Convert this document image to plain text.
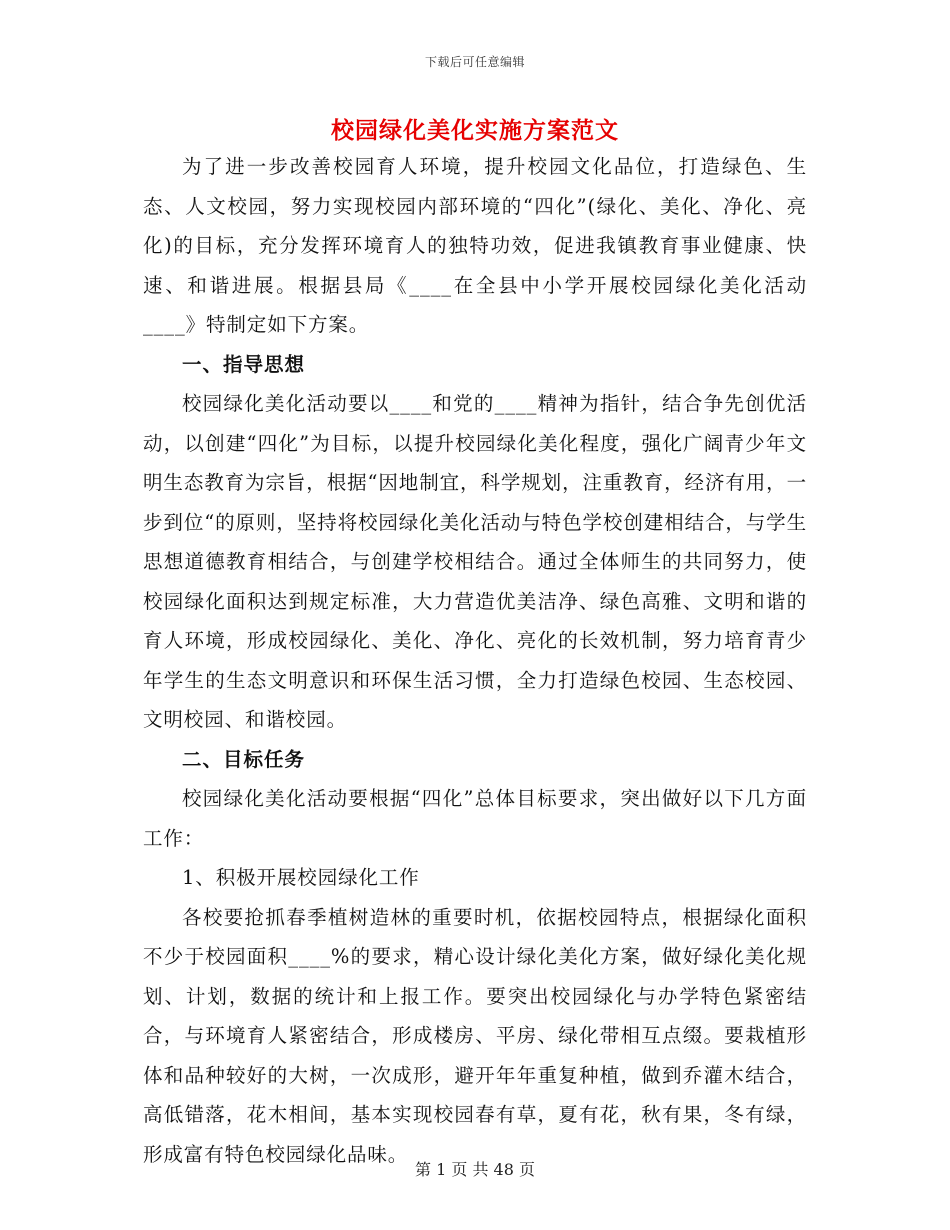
下载后可任意编辑
校园绿化美化实施方案范文

为了进一步改善校园育人环境，提升校园文化品位，打造绿色、生态、人文校园，努力实现校园内部环境的“四化”(绿化、美化、净化、亮化)的目标，充分发挥环境育人的独特功效，促进我镇教育事业健康、快速、和谐进展。根据县局《____在全县中小学开展校园绿化美化活动____》特制定如下方案。

一、指导思想

校园绿化美化活动要以____和党的____精神为指针，结合争先创优活动，以创建“四化”为目标，以提升校园绿化美化程度，强化广阔青少年文明生态教育为宗旨，根据“因地制宜，科学规划，注重教育，经济有用，一步到位“的原则，坚持将校园绿化美化活动与特色学校创建相结合，与学生思想道德教育相结合，与创建学校相结合。通过全体师生的共同努力，使校园绿化面积达到规定标准，大力营造优美洁净、绿色高雅、文明和谐的育人环境，形成校园绿化、美化、净化、亮化的长效机制，努力培育青少年学生的生态文明意识和环保生活习惯，全力打造绿色校园、生态校园、文明校园、和谐校园。

二、目标任务

校园绿化美化活动要根据“四化”总体目标要求，突出做好以下几方面工作：

1、积极开展校园绿化工作

各校要抢抓春季植树造林的重要时机，依据校园特点，根据绿化面积不少于校园面积____%的要求，精心设计绿化美化方案，做好绿化美化规划、计划，数据的统计和上报工作。要突出校园绿化与办学特色紧密结合，与环境育人紧密结合，形成楼房、平房、绿化带相互点缀。要栽植形体和品种较好的大树，一次成形，避开年年重复种植，做到乔灌木结合，高低错落，花木相间，基本实现校园春有草，夏有花，秋有果，冬有绿，形成富有特色校园绿化品味。

第 1 页 共 48 页
